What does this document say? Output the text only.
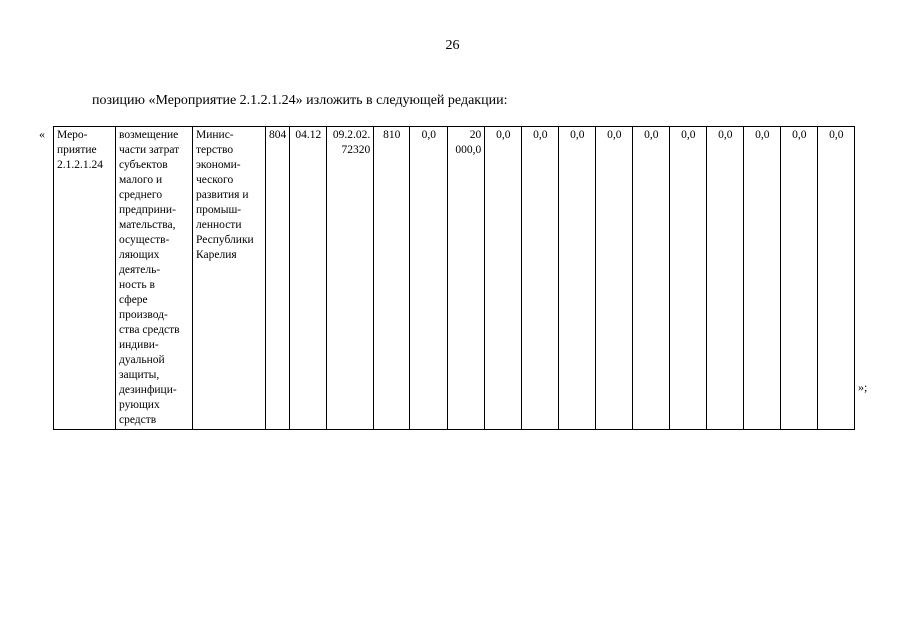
26
позицию «Мероприятие 2.1.2.1.24» изложить в следующей редакции:
« Меро-
приятие
2.1.2.1.24	возмещение
части затрат
субъектов
малого и
среднего
предприни-
мательства,
осуществ-
ляющих
деятель-
ность в
сфере
производ-
ства средств
индиви-
дуальной
защиты,
дезинфици-
рующих
средств	Минис-
терство
экономи-
ческого
развития и
промыш-
ленности
Республики
Карелия	804	04.12	09.2.02.
72320	810	0,0	20
000,0	0,0	0,0	0,0	0,0	0,0	0,0	0,0	0,0	0,0	0,0
»;
